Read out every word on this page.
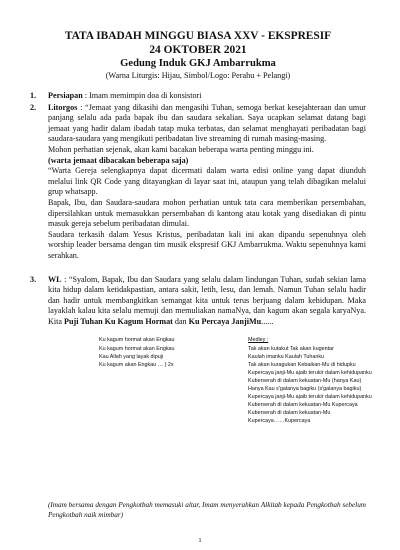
TATA IBADAH MINGGU BIASA XXV - EKSPRESIF
24 OKTOBER 2021
Gedung Induk GKJ Ambarrukma
(Warna Liturgis: Hijau, Simbol/Logo: Perahu + Pelangi)
1. Persiapan : Imam memimpin doa di konsistori
2. Litorgos : “Jemaat yang dikasihi dan mengasihi Tuhan, semoga berkat kesejahteraan dan umur panjang selalu ada pada bapak ibu dan saudara sekalian. Saya ucapkan selamat datang bagi jemaat yang hadir dalam ibadah tatap muka terbatas, dan selamat menghayati peribadatan bagi saudara-saudara yang mengikuti peribadatan live streaming di rumah masing-masing.

Mohon perhatian sejenak, akan kami bacakan beberapa warta penting minggu ini.

(warta jemaat dibacakan beberapa saja)

“Warta Gereja selengkapnya dapat dicermati dalam warta edisi online yang dapat diunduh melalui link QR Code yang ditayangkan di layar saat ini, ataupun yang telah dibagikan melalui grup whatsapp.

Bapak, Ibu, dan Saudara-saudara mohon perhatian untuk tata cara memberikan persembahan, dipersilahkan untuk memasukkan persembahan di kantong atau kotak yang disediakan di pintu masuk gereja sebelum peribadatan dimulai.

Saudara terkasih dalam Yesus Kristus, peribadatan kali ini akan dipandu sepenuhnya oleh worship leader bersama dengan tim musik ekspresif GKJ Ambarrukma. Waktu sepenuhnya kami serahkan.

3. WL : “Syalom, Bapak, Ibu dan Saudara yang selalu dalam lindungan Tuhan, sudah sekian lama kita hidup dalam ketidakpastian, antara sakit, letih, lesu, dan lemah. Namun Tuhan selalu hadir dan hadir untuk membangkitkan semangat kita untuk terus berjuang dalam kehidupan. Maka layaklah kalau kita selalu memuji dan memuliakan namaNya, dan kagum akan segala karyaNya. Kita Puji Tuhan Ku Kagum Hormat dan Ku Percaya JanjiMu......

Ku kagum hormat akan Engkau
Ku kagum hormat akan Engkau
Kau Allah yang layak dipuji
Ku kagum akan Engkau … } 2x
Medley :
Tak akan kutakut Tak akan kugentar
Kaulah imanku Kaulah Tuhanku
Tak akan kuragukan Kebaikan-Mu di hidupku
Kupercaya janji-Mu ajaib terukir dalam kehidupanku
Kuberserah di dalam kekuatan-Mu (hanya Kau)
Hanya Kau s'galanya bagiku (s'galanya bagiku)
Kupercaya janji-Mu ajaib terukir dalam kehidupanku
Kuberserah di dalam kekuatan-Mu Kupercaya
Kuberserah di dalam kekuatan-Mu
Kupercaya……Kupercaya
(Imam bersama dengan Pengkotbah memasuki altar, Imam menyerahkan Alkitab kepada Pengkotbah sebelum Pengkotbah naik mimbar)
1
